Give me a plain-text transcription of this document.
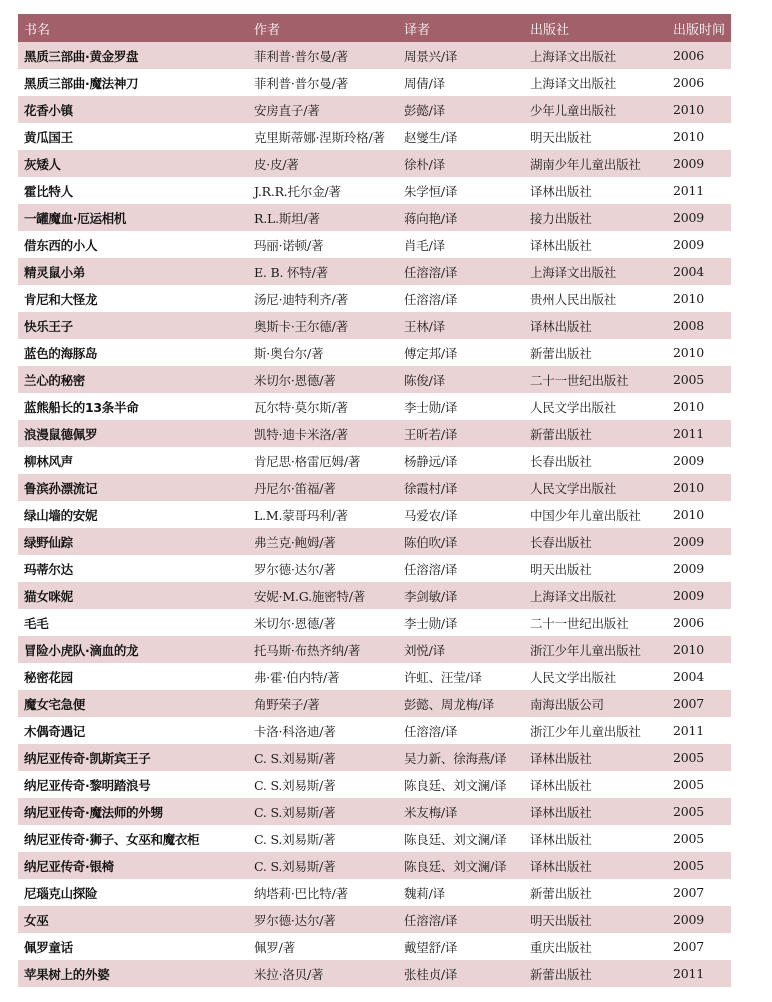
书名	作者	译者	出版社	出版时间
黑质三部曲·黄金罗盘	菲利普·普尔曼/著	周景兴/译	上海译文出版社	2006
黑质三部曲·魔法神刀	菲利普·普尔曼/著	周倩/译	上海译文出版社	2006
花香小镇	安房直子/著	彭懿/译	少年儿童出版社	2010
黄瓜国王	克里斯蒂娜·涅斯玲格/著	赵燮生/译	明天出版社	2010
灰矮人	皮·皮/著	徐朴/译	湖南少年儿童出版社	2009
霍比特人	J.R.R.托尔金/著	朱学恒/译	译林出版社	2011
一罐魔血·厄运相机	R.L.斯坦/著	蒋向艳/译	接力出版社	2009
借东西的小人	玛丽·诺顿/著	肖毛/译	译林出版社	2009
精灵鼠小弟	E. B. 怀特/著	任溶溶/译	上海译文出版社	2004
肯尼和大怪龙	汤尼·迪特利齐/著	任溶溶/译	贵州人民出版社	2010
快乐王子	奥斯卡·王尔德/著	王林/译	译林出版社	2008
蓝色的海豚岛	斯·奥台尔/著	傅定邦/译	新蕾出版社	2010
兰心的秘密	米切尔·恩德/著	陈俊/译	二十一世纪出版社	2005
蓝熊船长的13条半命	瓦尔特·莫尔斯/著	李士勋/译	人民文学出版社	2010
浪漫鼠德佩罗	凯特·迪卡米洛/著	王昕若/译	新蕾出版社	2011
柳林风声	肯尼思·格雷厄姆/著	杨静远/译	长春出版社	2009
鲁滨孙漂流记	丹尼尔·笛福/著	徐霞村/译	人民文学出版社	2010
绿山墙的安妮	L.M.蒙哥玛利/著	马爱农/译	中国少年儿童出版社	2010
绿野仙踪	弗兰克·鲍姆/著	陈伯吹/译	长春出版社	2009
玛蒂尔达	罗尔德·达尔/著	任溶溶/译	明天出版社	2009
猫女咪妮	安妮·M.G.施密特/著	李剑敏/译	上海译文出版社	2009
毛毛	米切尔·恩德/著	李士勋/译	二十一世纪出版社	2006
冒险小虎队·滴血的龙	托马斯·布热齐纳/著	刘悦/译	浙江少年儿童出版社	2010
秘密花园	弗·霍·伯内特/著	许虹、汪莹/译	人民文学出版社	2004
魔女宅急便	角野荣子/著	彭懿、周龙梅/译	南海出版公司	2007
木偶奇遇记	卡洛·科洛迪/著	任溶溶/译	浙江少年儿童出版社	2011
纳尼亚传奇·凯斯宾王子	C. S.刘易斯/著	吴力新、徐海燕/译	译林出版社	2005
纳尼亚传奇·黎明踏浪号	C. S.刘易斯/著	陈良廷、刘文澜/译	译林出版社	2005
纳尼亚传奇·魔法师的外甥	C. S.刘易斯/著	米友梅/译	译林出版社	2005
纳尼亚传奇·狮子、女巫和魔衣柜	C. S.刘易斯/著	陈良廷、刘文澜/译	译林出版社	2005
纳尼亚传奇·银椅	C. S.刘易斯/著	陈良廷、刘文澜/译	译林出版社	2005
尼瑙克山探险	纳塔莉·巴比特/著	魏莉/译	新蕾出版社	2007
女巫	罗尔德·达尔/著	任溶溶/译	明天出版社	2009
佩罗童话	佩罗/著	戴望舒/译	重庆出版社	2007
苹果树上的外婆	米拉·洛贝/著	张桂贞/译	新蕾出版社	2011
